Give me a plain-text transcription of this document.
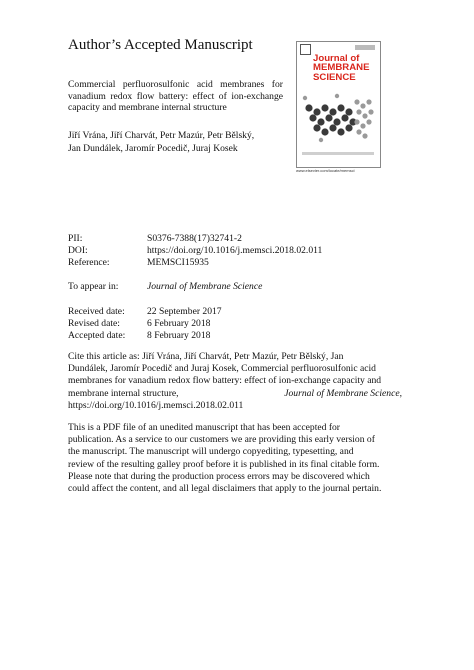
Author’s Accepted Manuscript
Commercial perfluorosulfonic acid membranes for vanadium redox flow battery: effect of ion-exchange capacity and membrane internal structure
Jiří Vrána, Jiří Charvát, Petr Mazúr, Petr Bělský,
Jan Dundálek, Jaromír Pocedič, Juraj Kosek
Journal of
MEMBRANE
SCIENCE
www.elsevier.com/locate/memsci
PII:	S0376-7388(17)32741-2
DOI:	https://doi.org/10.1016/j.memsci.2018.02.011
Reference:	MEMSCI15935
To appear in:	Journal of Membrane Science
Received date: 22 September 2017
Revised date:	6 February 2018
Accepted date: 8 February 2018
Cite this article as: Jiří Vrána, Jiří Charvát, Petr Mazúr, Petr Bělský, Jan
Dundálek, Jaromír Pocedič and Juraj Kosek, Commercial perfluorosulfonic acid
membranes for vanadium redox flow battery: effect of ion-exchange capacity and
membrane internal structure,	Journal of Membrane Science,
https://doi.org/10.1016/j.memsci.2018.02.011
This is a PDF file of an unedited manuscript that has been accepted for
publication. As a service to our customers we are providing this early version of
the manuscript. The manuscript will undergo copyediting, typesetting, and
review of the resulting galley proof before it is published in its final citable form.
Please note that during the production process errors may be discovered which
could affect the content, and all legal disclaimers that apply to the journal pertain.
